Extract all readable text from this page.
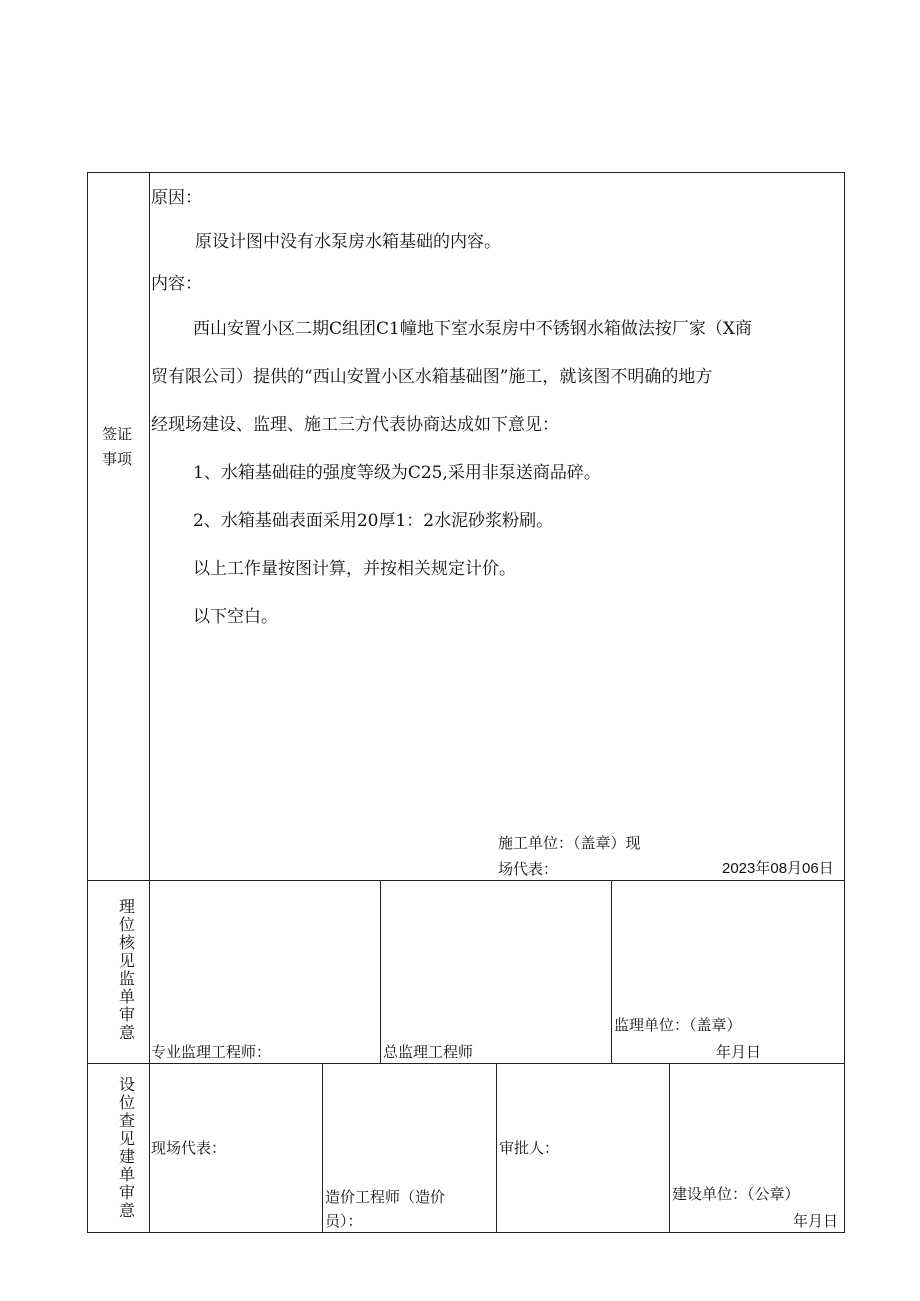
签证
事项
原因：
原设计图中没有水泵房水箱基础的内容。
内容：
西山安置小区二期C组团C1幢地下室水泵房中不锈钢水箱做法按厂家（X商
贸有限公司）提供的“西山安置小区水箱基础图”施工，就该图不明确的地方
经现场建设、监理、施工三方代表协商达成如下意见：
1、水箱基础硅的强度等级为C25,采用非泵送商品碎。
2、水箱基础表面采用20厚1：2水泥砂浆粉刷。
以上工作量按图计算，并按相关规定计价。
以下空白。
施工单位：（盖章）现
场代表：	2023年08月06日
理位核见监单审意
专业监理工程师：	总监理工程师
监理单位：（盖章）
年月日
设位查见建单审意
现场代表：
造价工程师（造价
员）：
审批人：
建设单位：（公章）
年月日
